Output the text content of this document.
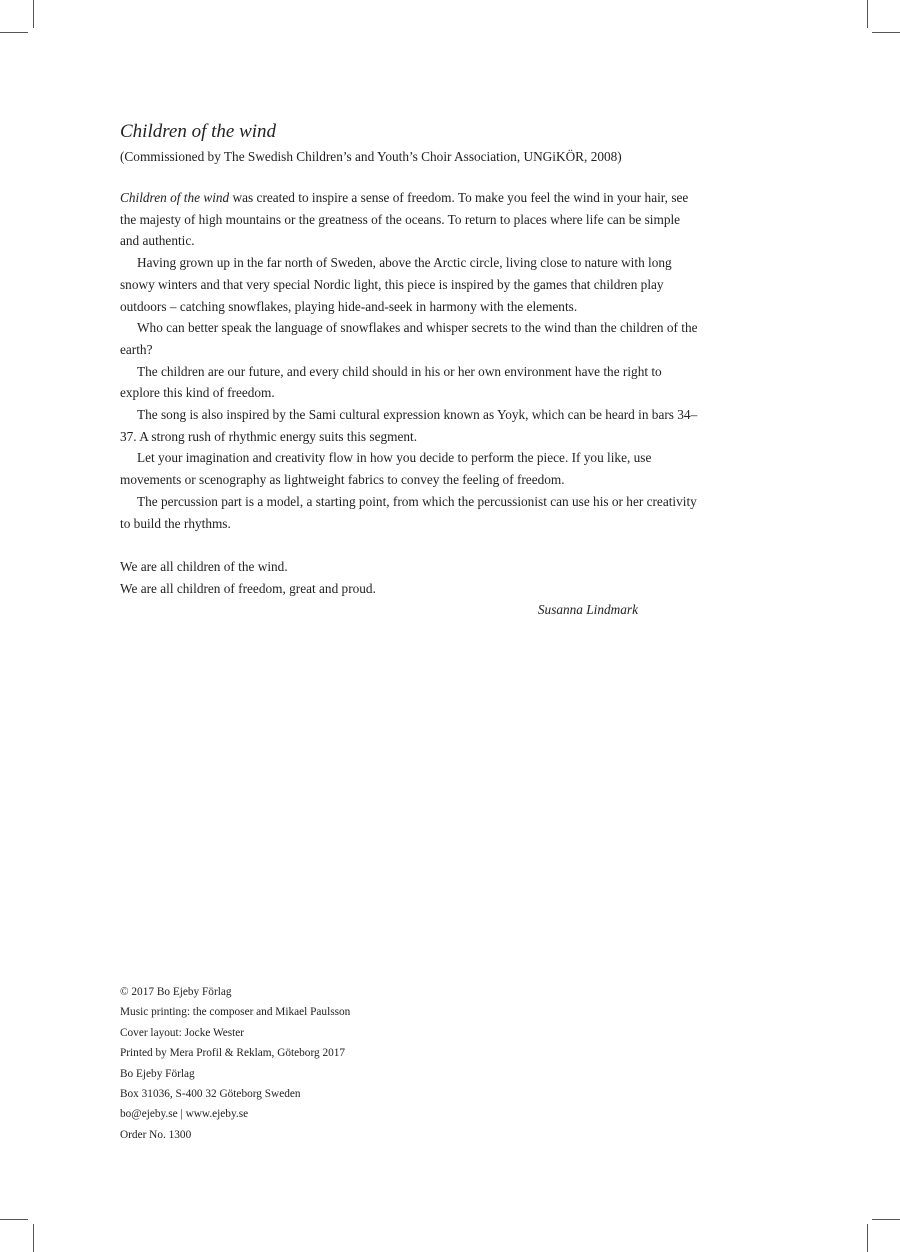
Children of the wind
(Commissioned by The Swedish Children’s and Youth’s Choir Association, UNGiKÖR, 2008)

Children of the wind was created to inspire a sense of freedom. To make you feel the wind in your hair, see the majesty of high mountains or the greatness of the oceans. To return to places where life can be simple and authentic.

Having grown up in the far north of Sweden, above the Arctic circle, living close to nature with long snowy winters and that very special Nordic light, this piece is inspired by the games that children play outdoors – catching snowflakes, playing hide-and-seek in harmony with the elements.

Who can better speak the language of snowflakes and whisper secrets to the wind than the children of the earth?

The children are our future, and every child should in his or her own environment have the right to explore this kind of freedom.

The song is also inspired by the Sami cultural expression known as Yoyk, which can be heard in bars 34–37. A strong rush of rhythmic energy suits this segment.

Let your imagination and creativity flow in how you decide to perform the piece. If you like, use movements or scenography as lightweight fabrics to convey the feeling of freedom.

The percussion part is a model, a starting point, from which the percussionist can use his or her creativity to build the rhythms.

We are all children of the wind.
We are all children of freedom, great and proud.
Susanna Lindmark
© 2017 Bo Ejeby Förlag
Music printing: the composer and Mikael Paulsson
Cover layout: Jocke Wester
Printed by Mera Profil & Reklam, Göteborg 2017
Bo Ejeby Förlag
Box 31036, S-400 32 Göteborg Sweden
bo@ejeby.se | www.ejeby.se
Order No. 1300
